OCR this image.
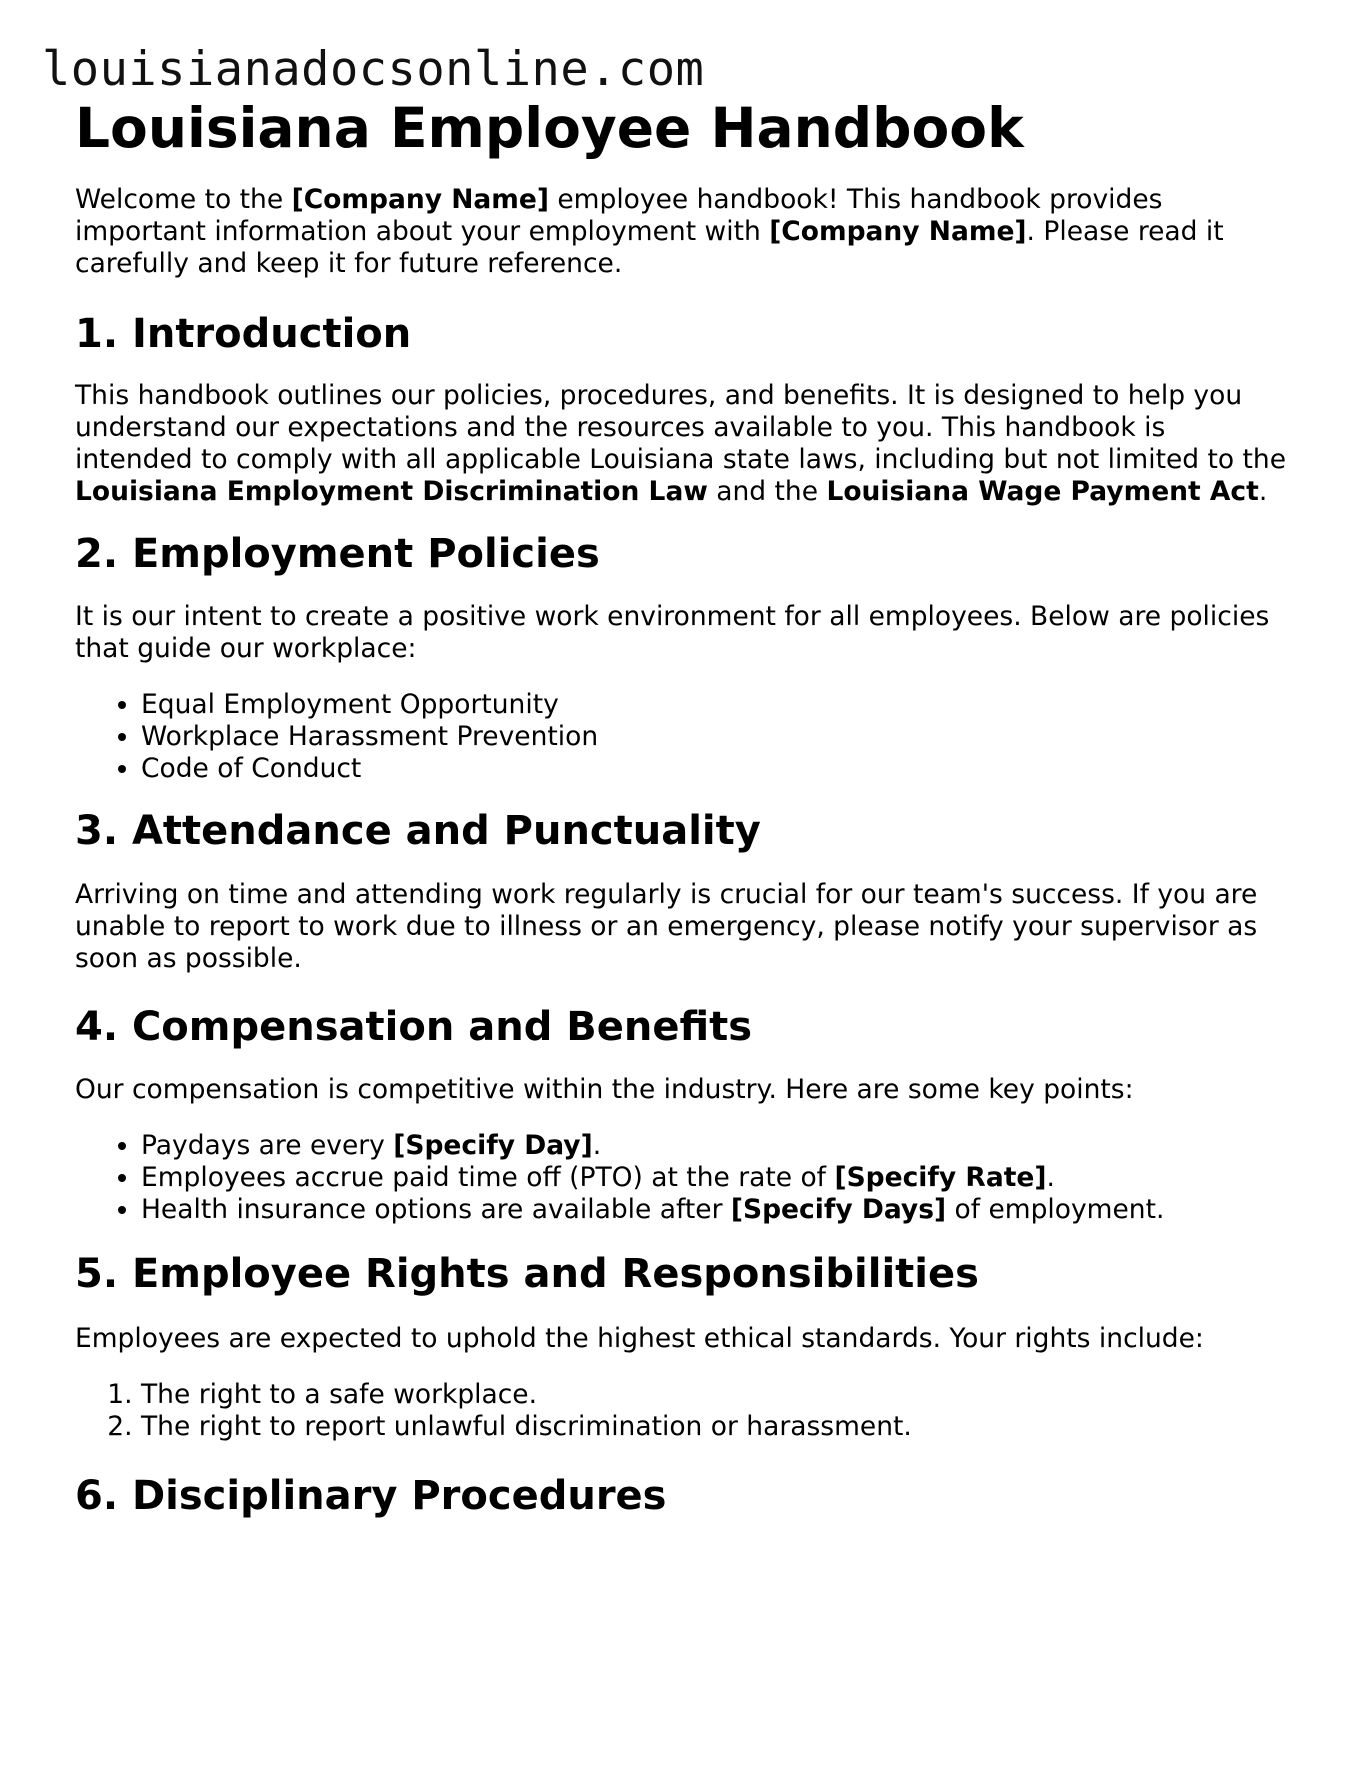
louisianadocsonline.com
Louisiana Employee Handbook

Welcome to the [Company Name] employee handbook! This handbook provides important information about your employment with [Company Name]. Please read it carefully and keep it for future reference.

1. Introduction

This handbook outlines our policies, procedures, and benefits. It is designed to help you understand our expectations and the resources available to you. This handbook is intended to comply with all applicable Louisiana state laws, including but not limited to the Louisiana Employment Discrimination Law and the Louisiana Wage Payment Act.

2. Employment Policies

It is our intent to create a positive work environment for all employees. Below are policies that guide our workplace:

• Equal Employment Opportunity
• Workplace Harassment Prevention
• Code of Conduct
3. Attendance and Punctuality

Arriving on time and attending work regularly is crucial for our team's success. If you are unable to report to work due to illness or an emergency, please notify your supervisor as soon as possible.

4. Compensation and Benefits

Our compensation is competitive within the industry. Here are some key points:

• Paydays are every [Specify Day].
• Employees accrue paid time off (PTO) at the rate of [Specify Rate].
• Health insurance options are available after [Specify Days] of employment.
5. Employee Rights and Responsibilities

Employees are expected to uphold the highest ethical standards. Your rights include:

1. The right to a safe workplace.
2. The right to report unlawful discrimination or harassment.
6. Disciplinary Procedures
